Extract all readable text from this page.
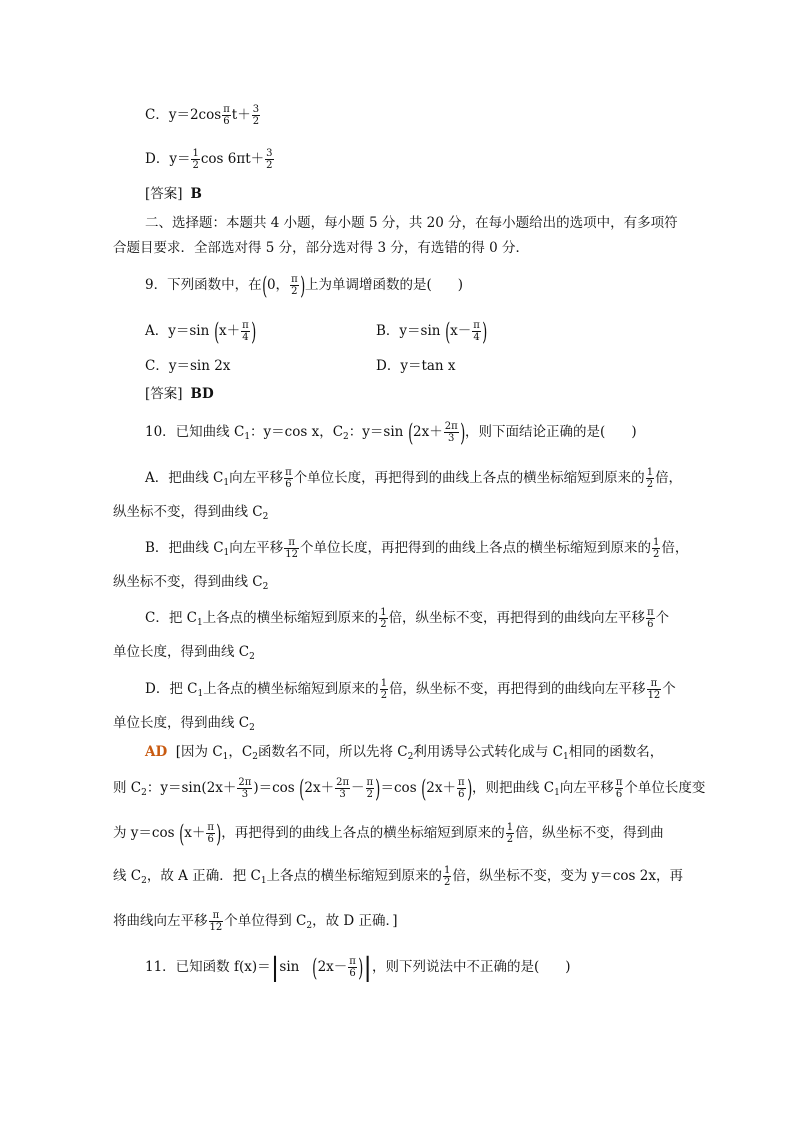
C．$y=2\cos \frac{\pi}{6} t+ \frac{3}{2}$
D．$y= \frac{1}{2}$ $\cos 6\pi t+ \frac{3}{2}$
[答案] B
二、选择题：本题共 4 小题，每小题 5 分，共 20 分，在每小题给出的选项中，有多项符
合题目要求．全部选对得 5 分，部分选对得 3 分，有选错的得 0 分．
9．下列函数中，在(0， $\frac{\pi}{2}$ )上为单调增函数的是( )
A．y＝sin ($x+ \frac{\pi}{4}$ )	B．y＝sin ($x- \frac{\pi}{4}$ )
C．y＝sin 2x	D．y＝tan x
[答案] BD
10．已知曲线 $C_1$：y＝cos x，$C_2$：y＝sin ($2x+ \frac{2\pi}{3}$ )，则下面结论正确的是( )
A．把曲线 $C_1$向左平移 $\frac{\pi}{6}$ 个单位长度，再把得到的曲线上各点的横坐标缩短到原来的 $\frac{1}{2}$ 倍，
纵坐标不变，得到曲线 $C_2$
B．把曲线 $C_1$向左平移 $\frac{\pi}{12}$ 个单位长度，再把得到的曲线上各点的横坐标缩短到原来的 $\frac{1}{2}$ 倍，
纵坐标不变，得到曲线 $C_2$
C．把 $C_1$上各点的横坐标缩短到原来的 $\frac{1}{2}$ 倍，纵坐标不变，再把得到的曲线向左平移 $\frac{\pi}{6}$ 个
单位长度，得到曲线 $C_2$
D．把 $C_1$上各点的横坐标缩短到原来的 $\frac{1}{2}$ 倍，纵坐标不变，再把得到的曲线向左平移 $\frac{\pi}{12}$ 个
单位长度，得到曲线 $C_2$
AD [因为 $C_1$，$C_2$函数名不同，所以先将 $C_2$利用诱导公式转化成与 $C_1$相同的函数名，
则 $C_2$：$y=\sin(2x+ \frac{2\pi}{3} )=\cos$ $(2x+ \frac{2\pi}{3} - \frac{\pi}{2} )=\cos$ ($2x+ \frac{\pi}{6}$ )，则把曲线 $C_1$向左平移 $\frac{\pi}{6}$ 个单位长度变
为 y＝cos ($x+ \frac{\pi}{6}$ )，再把得到的曲线上各点的横坐标缩短到原来的 $\frac{1}{2}$ 倍，纵坐标不变，得到曲
线 $C_2$，故 A 正确．把 $C_1$上各点的横坐标缩短到原来的 $\frac{1}{2}$ 倍，纵坐标不变，变为 y＝cos 2x，再
将曲线向左平移 $\frac{\pi}{12}$ 个单位得到 $C_2$，故 D 正确．]
11．已知函数 f(x)＝|sin ($2x- \frac{\pi}{6}$ )|，则下列说法中不正确的是( )
